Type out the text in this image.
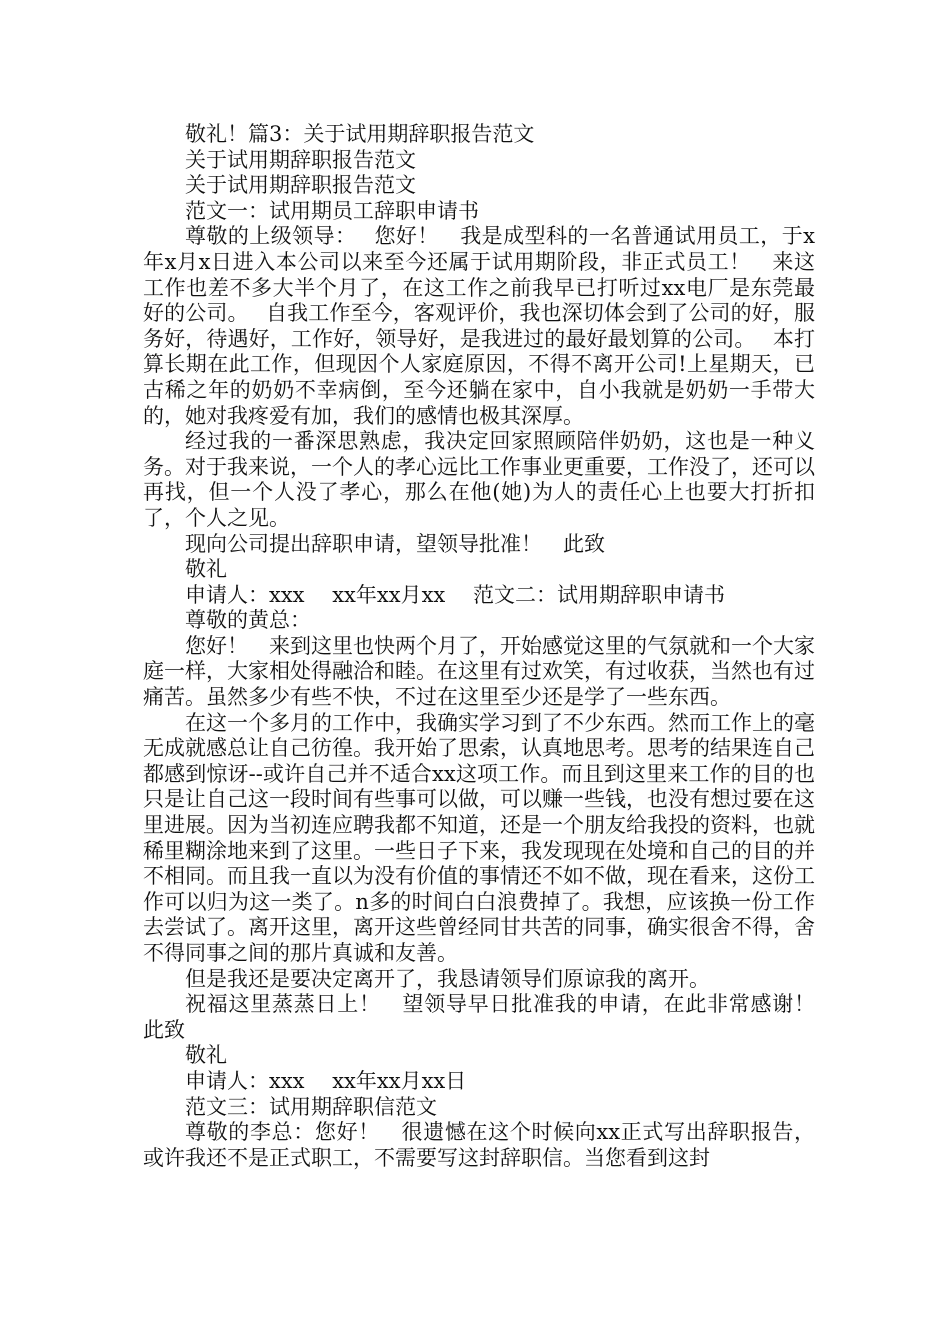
敬礼！篇3：关于试用期辞职报告范文

关于试用期辞职报告范文

关于试用期辞职报告范文

范文一：试用期员工辞职申请书

尊敬的上级领导：　 您好！　我是成型科的一名普通试用员工，于x年x月x日进入本公司以来至今还属于试用期阶段，非正式员工！　来这工作也差不多大半个月了，在这工作之前我早已打听过xx电厂是东莞最好的公司。　 自我工作至今，客观评价，我也深切体会到了公司的好，服务好，待遇好，工作好，领导好，是我进过的最好最划算的公司。　 本打算长期在此工作，但现因个人家庭原因，不得不离开公司!上星期天，已古稀之年的奶奶不幸病倒，至今还躺在家中，自小我就是奶奶一手带大的，她对我疼爱有加，我们的感情也极其深厚。

经过我的一番深思熟虑，我决定回家照顾陪伴奶奶，这也是一种义务。对于我来说，一个人的孝心远比工作事业更重要，工作没了，还可以再找，但一个人没了孝心，那么在他(她)为人的责任心上也要大打折扣了，个人之见。

现向公司提出辞职申请，望领导批准！　此致

敬礼

申请人：xxx　 xx年xx月xx　 范文二：试用期辞职申请书

尊敬的黄总：

您好！　来到这里也快两个月了，开始感觉这里的气氛就和一个大家庭一样，大家相处得融洽和睦。在这里有过欢笑，有过收获，当然也有过痛苦。虽然多少有些不快，不过在这里至少还是学了一些东西。

在这一个多月的工作中，我确实学习到了不少东西。然而工作上的毫无成就感总让自己彷徨。我开始了思索，认真地思考。思考的结果连自己都感到惊讶--或许自己并不适合xx这项工作。而且到这里来工作的目的也只是让自己这一段时间有些事可以做，可以赚一些钱，也没有想过要在这里进展。因为当初连应聘我都不知道，还是一个朋友给我投的资料，也就稀里糊涂地来到了这里。一些日子下来，我发现现在处境和自己的目的并不相同。而且我一直以为没有价值的事情还不如不做，现在看来，这份工作可以归为这一类了。n多的时间白白浪费掉了。我想，应该换一份工作去尝试了。离开这里，离开这些曾经同甘共苦的同事，确实很舍不得，舍不得同事之间的那片真诚和友善。

但是我还是要决定离开了，我恳请领导们原谅我的离开。

祝福这里蒸蒸日上！　望领导早日批准我的申请，在此非常感谢！　此致

敬礼

申请人：xxx　 xx年xx月xx日

范文三：试用期辞职信范文

尊敬的李总：您好！　很遗憾在这个时候向xx正式写出辞职报告，或许我还不是正式职工，不需要写这封辞职信。当您看到这封
